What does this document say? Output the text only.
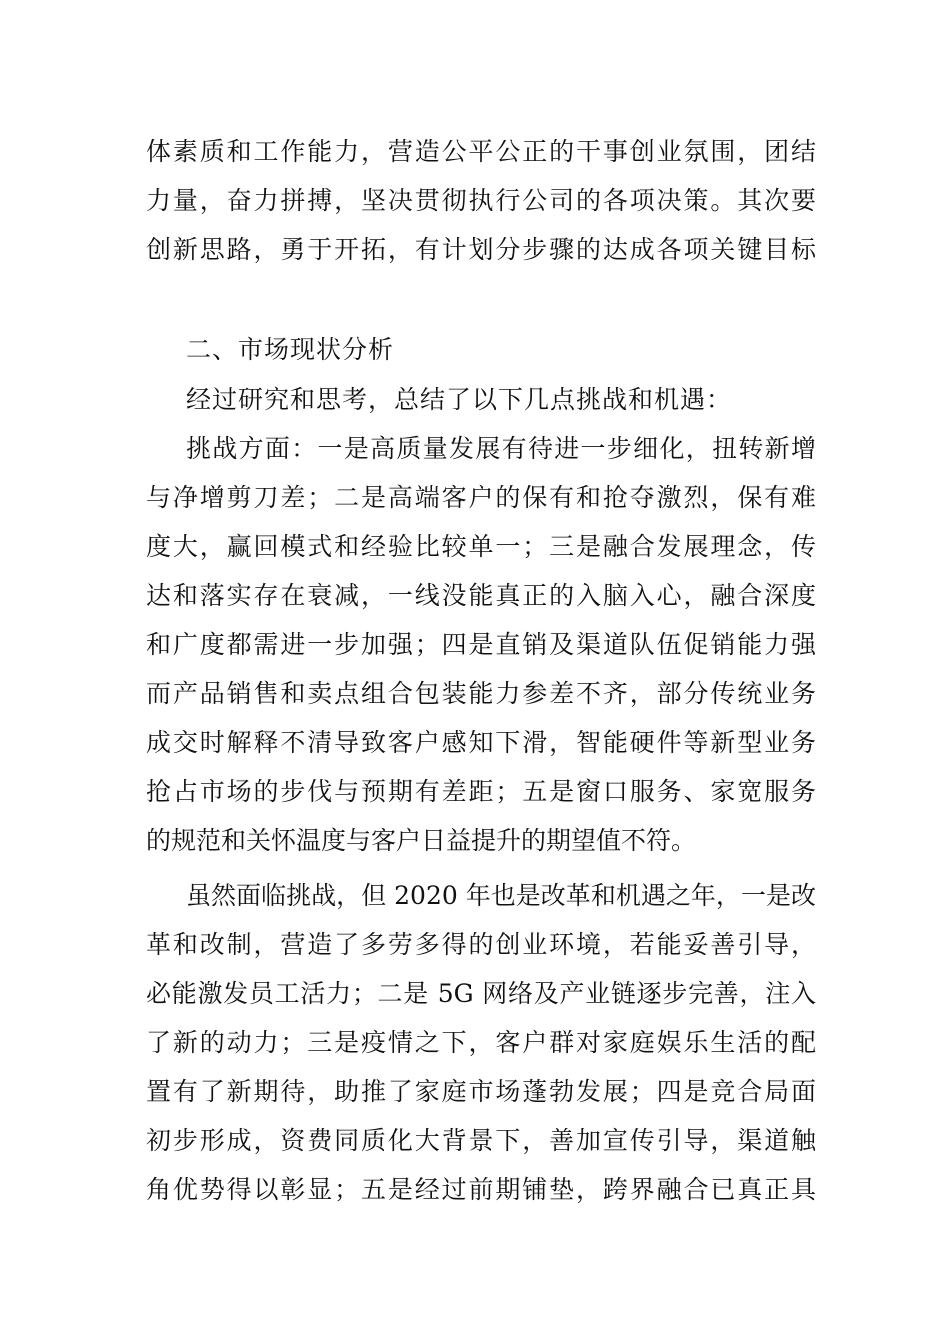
体素质和工作能力，营造公平公正的干事创业氛围，团结
力量，奋力拼搏，坚决贯彻执行公司的各项决策。其次要
创新思路，勇于开拓，有计划分步骤的达成各项关键目标
二、市场现状分析
经过研究和思考，总结了以下几点挑战和机遇：
挑战方面：一是高质量发展有待进一步细化，扭转新增
与净增剪刀差；二是高端客户的保有和抢夺激烈，保有难
度大，赢回模式和经验比较单一；三是融合发展理念，传
达和落实存在衰减，一线没能真正的入脑入心，融合深度
和广度都需进一步加强；四是直销及渠道队伍促销能力强
而产品销售和卖点组合包装能力参差不齐，部分传统业务
成交时解释不清导致客户感知下滑，智能硬件等新型业务
抢占市场的步伐与预期有差距；五是窗口服务、家宽服务
的规范和关怀温度与客户日益提升的期望值不符。
虽然面临挑战，但 2020 年也是改革和机遇之年，一是改
革和改制，营造了多劳多得的创业环境，若能妥善引导，
必能激发员工活力；二是 5G 网络及产业链逐步完善，注入
了新的动力；三是疫情之下，客户群对家庭娱乐生活的配
置有了新期待，助推了家庭市场蓬勃发展；四是竞合局面
初步形成，资费同质化大背景下，善加宣传引导，渠道触
角优势得以彰显；五是经过前期铺垫，跨界融合已真正具
